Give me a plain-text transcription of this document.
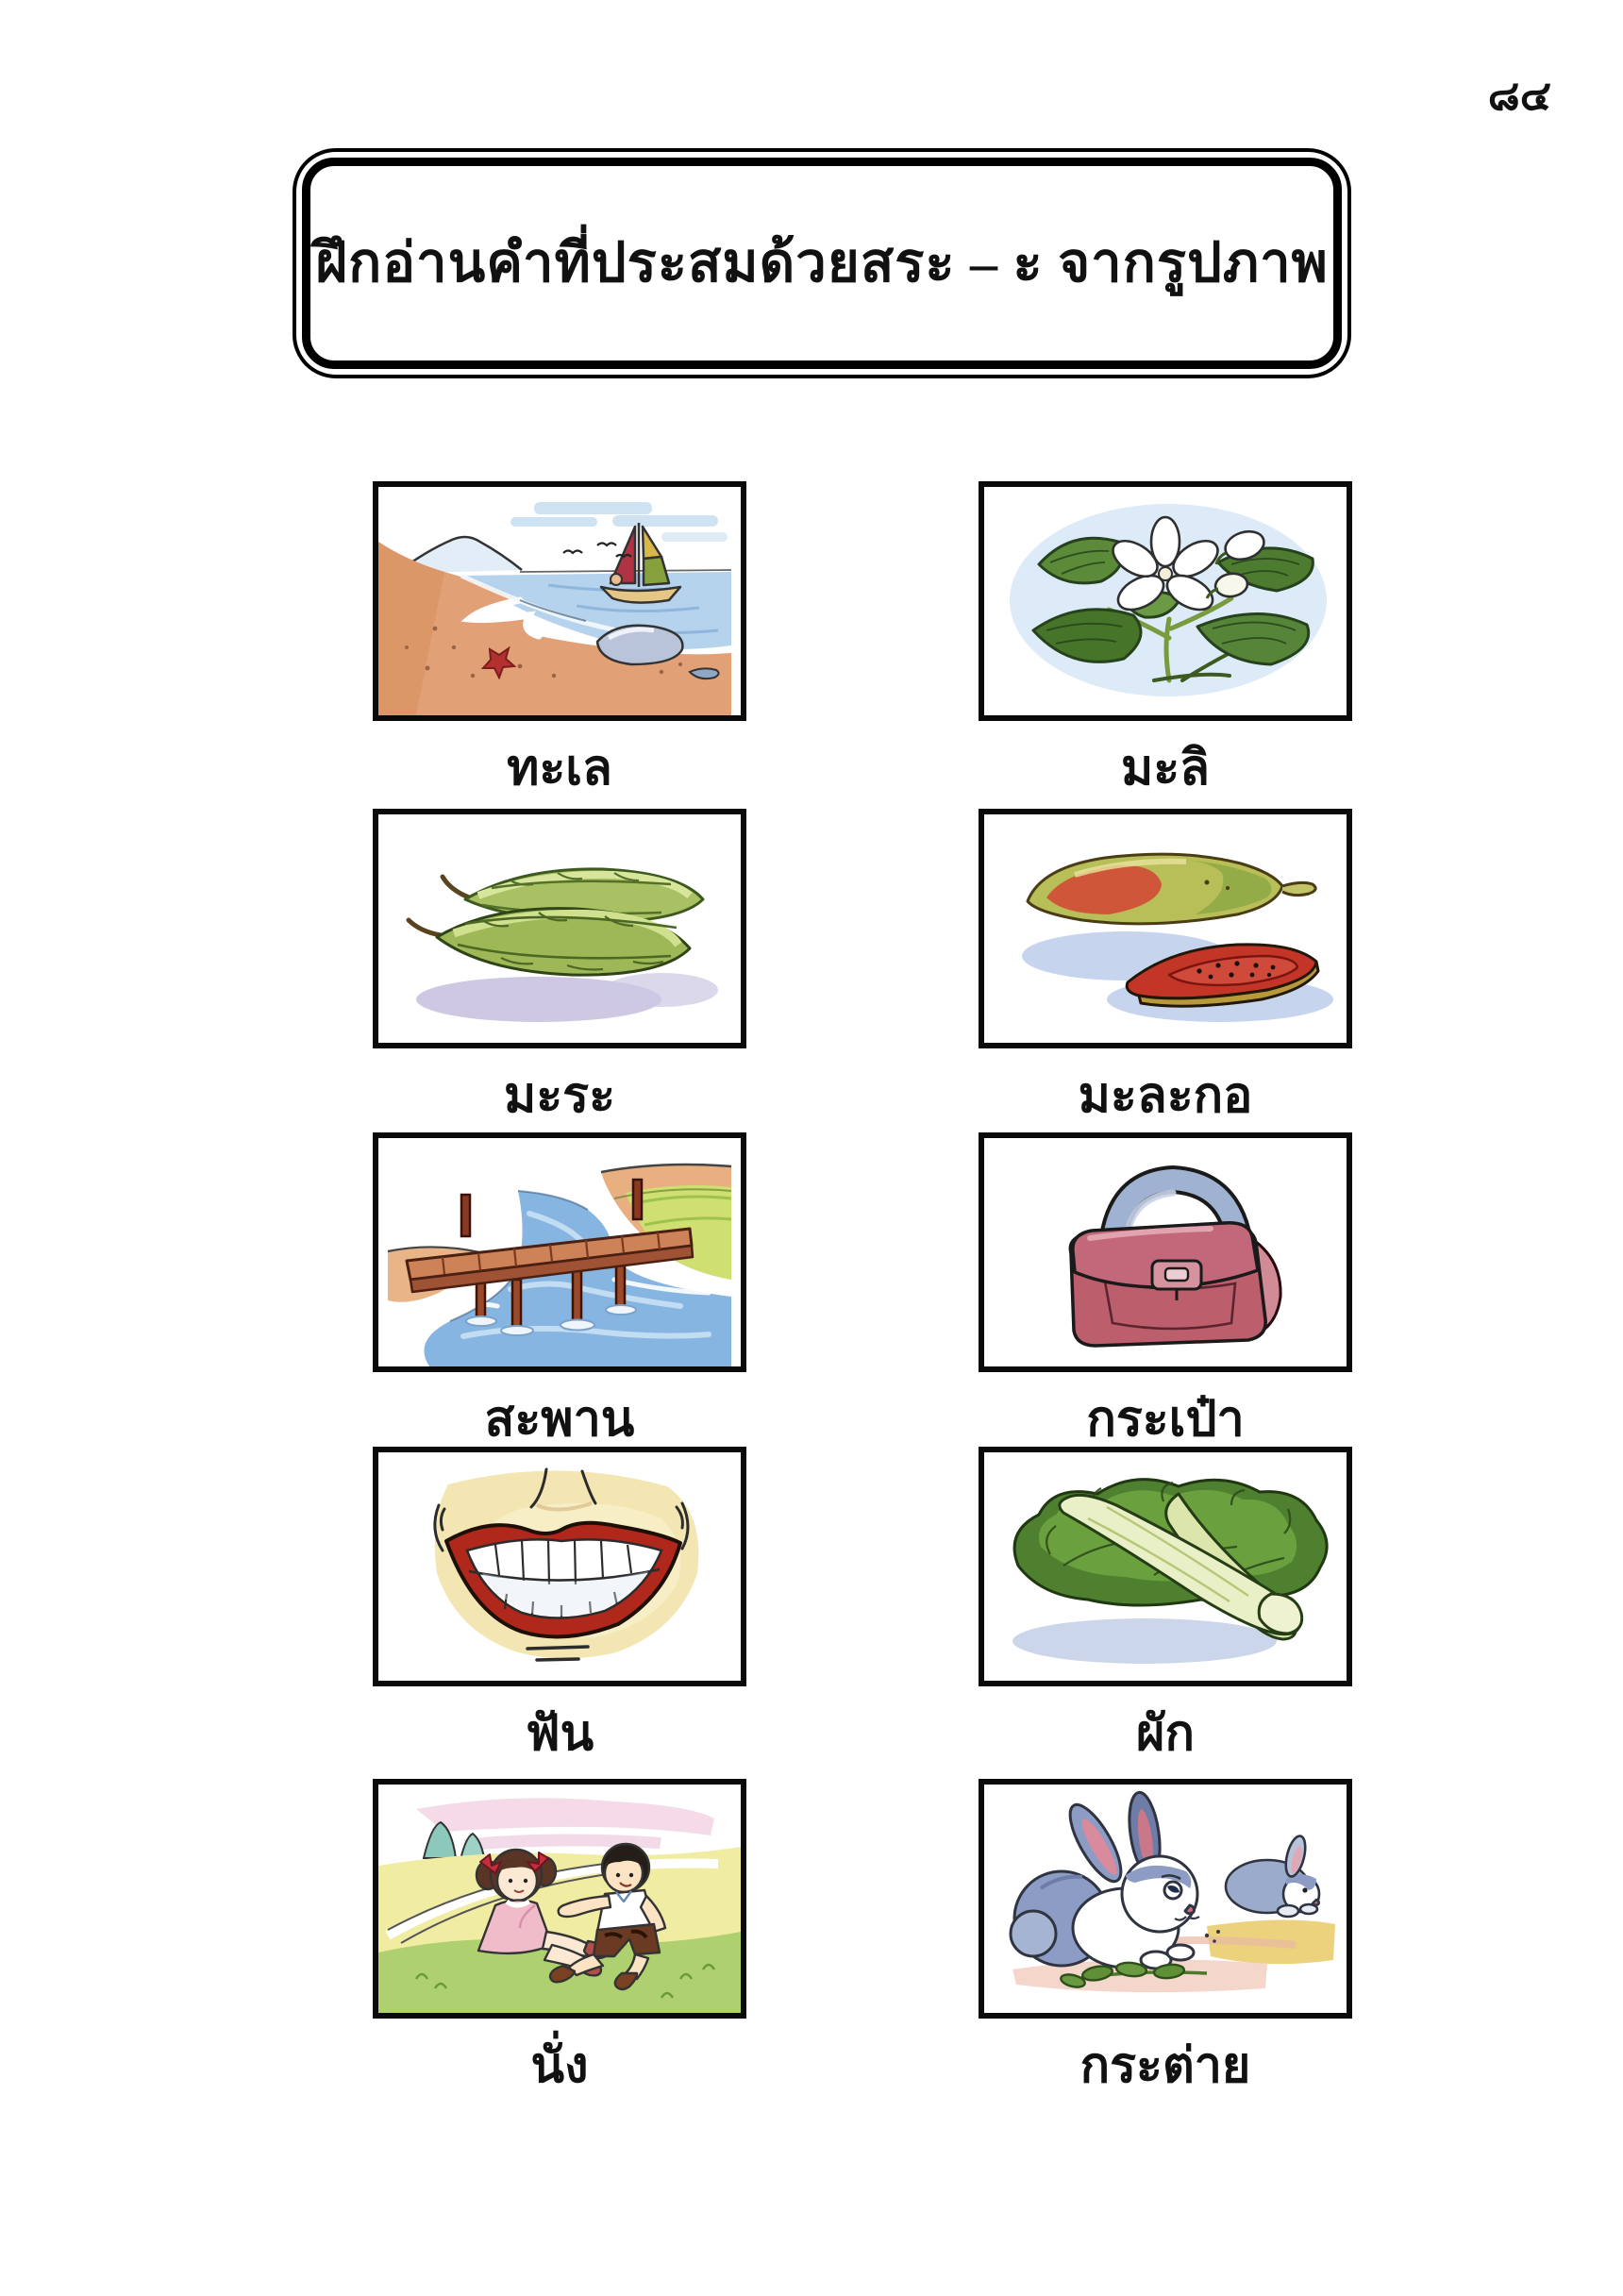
๘๔
ฝึกอ่านคำที่ประสมด้วยสระ – ะ จากรูปภาพ
ทะเล	มะลิ
มะระ	มะละกอ
สะพาน	กระเป๋า
ฟัน	ผัก
นั่ง	กระต่าย
